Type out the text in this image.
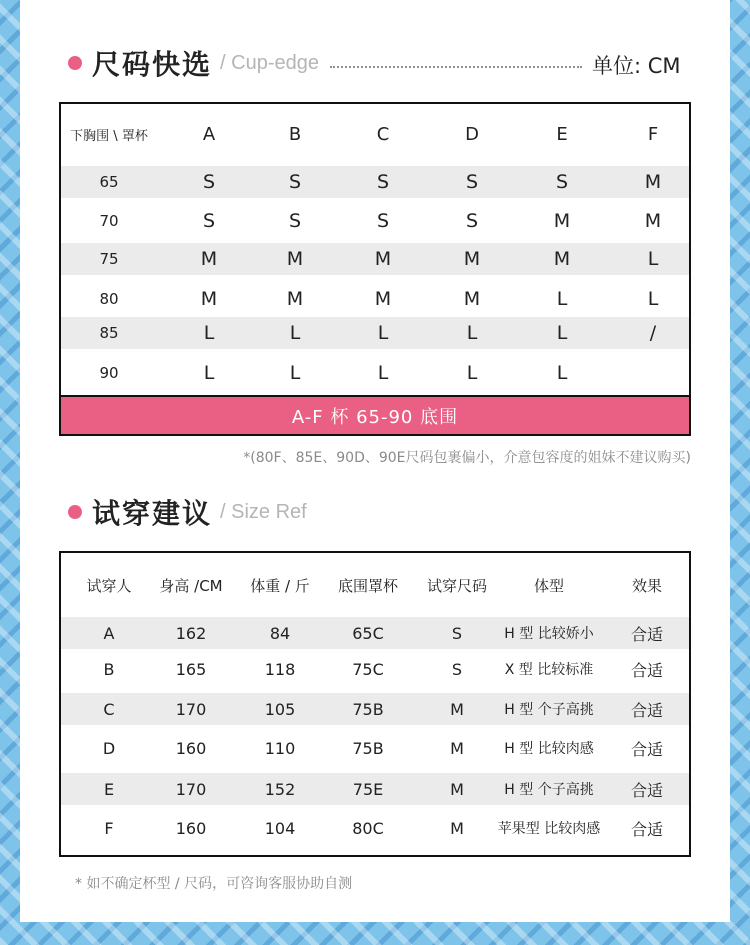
尺码快选 / Cup-edge	单位: CM
A-F 杯 65-90 底围
下胸围 \ 罩杯	A	B	C	D	E	F
65	S	S	S	S	S	M
70	S	S	S	S	M	M
75	M	M	M	M	M	L
80	M	M	M	M	L	L
85	L	L	L	L	L	/
90	L	L	L	L	L
*(80F、85E、90D、90E尺码包裹偏小，介意包容度的姐妹不建议购买)
试穿建议 / Size Ref
试穿人	身高 /CM	体重 / 斤	底围罩杯	试穿尺码	体型	效果
A	162	84	65C	S	H 型 比较娇小	合适
B	165	118	75C	S	X 型 比较标准	合适
C	170	105	75B	M	H 型 个子高挑	合适
D	160	110	75B	M	H 型 比较肉感	合适
E	170	152	75E	M	H 型 个子高挑	合适
F	160	104	80C	M	苹果型 比较肉感	合适
* 如不确定杯型 / 尺码，可咨询客服协助自测
